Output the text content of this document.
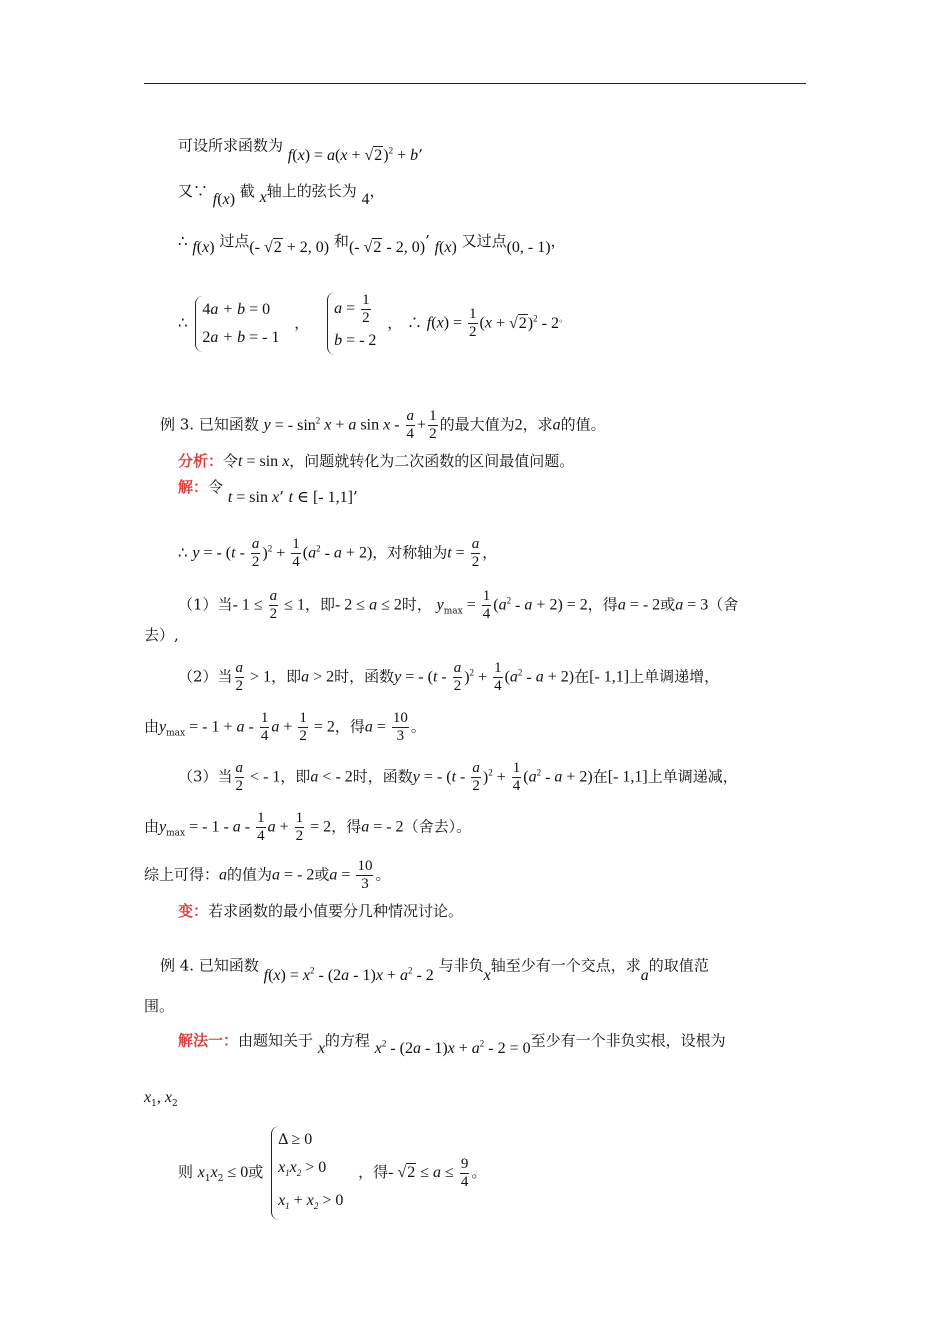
可设所求函数为 $f(x) = a(x + √2)^2 + b$’
又∵ f(x) 截 x轴上的弦长为 4，
∴ f(x) 过点(- √2 + 2, 0) 和(- √2 - 2, 0)’ f(x) 又过点(0, - 1)，
∴
4a + b = 0
2a + b = - 1
，
$a = \frac{1}{2}$
b = - 2
， ∴ $f(x) = \frac{1}{2} (x + √2)^2 - 2^。$
例 3. 已知函数 y = - $\sin^2 x + a$ $\sin x - \frac{a}{4} + \frac{1}{2}$ 的最大值为2，求a的值。
分析：令t = sin x，问题就转化为二次函数的区间最值问题。
解：令 t = sin x’ t ∈ [- 1,1]’
∴ y = - $(t - \frac{a}{2} )^2 + \frac{1}{4} (a^2 - a + 2)$，对称轴为$t = \frac{a}{2}$ ，
（1）当- $1 \le \frac{a}{2} \le 1$，即- 2 ≤ a ≤ 2时， $y_{max} = \frac{1}{4} (a^2 - a + 2) = 2$，得a = - 2或a = 3（舍
去）,
（2）当 $\frac{a}{2} > 1$，即a > 2时，函数y = - $(t - \frac{a}{2} )^2 + \frac{1}{4} (a^2 - a + 2)$在[- 1,1]上单调递增，
由$y_{max}$ = - $1 + a - \frac{1}{4}$ $a + \frac{1}{2} = 2$，得$a = \frac{10}{3}$ 。
（3）当 $\frac{a}{2}$ < - 1，即a < - 2时，函数y = - $(t - \frac{a}{2} )^2 + \frac{1}{4} (a^2 - a + 2)$在[- 1,1]上单调递减，
由$y_{max}$ = - 1 - a - $\frac{1}{4}$ $a + \frac{1}{2} = 2$，得a = - 2（舍去）。
综上可得：a的值为a = - 2或$a = \frac{10}{3}$ 。
变：若求函数的最小值要分几种情况讨论。
例 4. 已知函数 $f(x) = x^2 - (2a - 1)x + a^2 - 2$ 与非负x轴至少有一个交点，求a的取值范
围。
解法一：由题知关于 x的方程 $x^2 - (2a - 1)x + a^2 - 2 = 0$至少有一个非负实根，设根为
$x_1$, $x_2$
则 $x_1x_2 \le 0$或
Δ ≥ 0
$x_1x_2 > 0$
$x_1 + x_2 > 0$
，得- $√2 \le a \le \frac{9}{4}$ 。
